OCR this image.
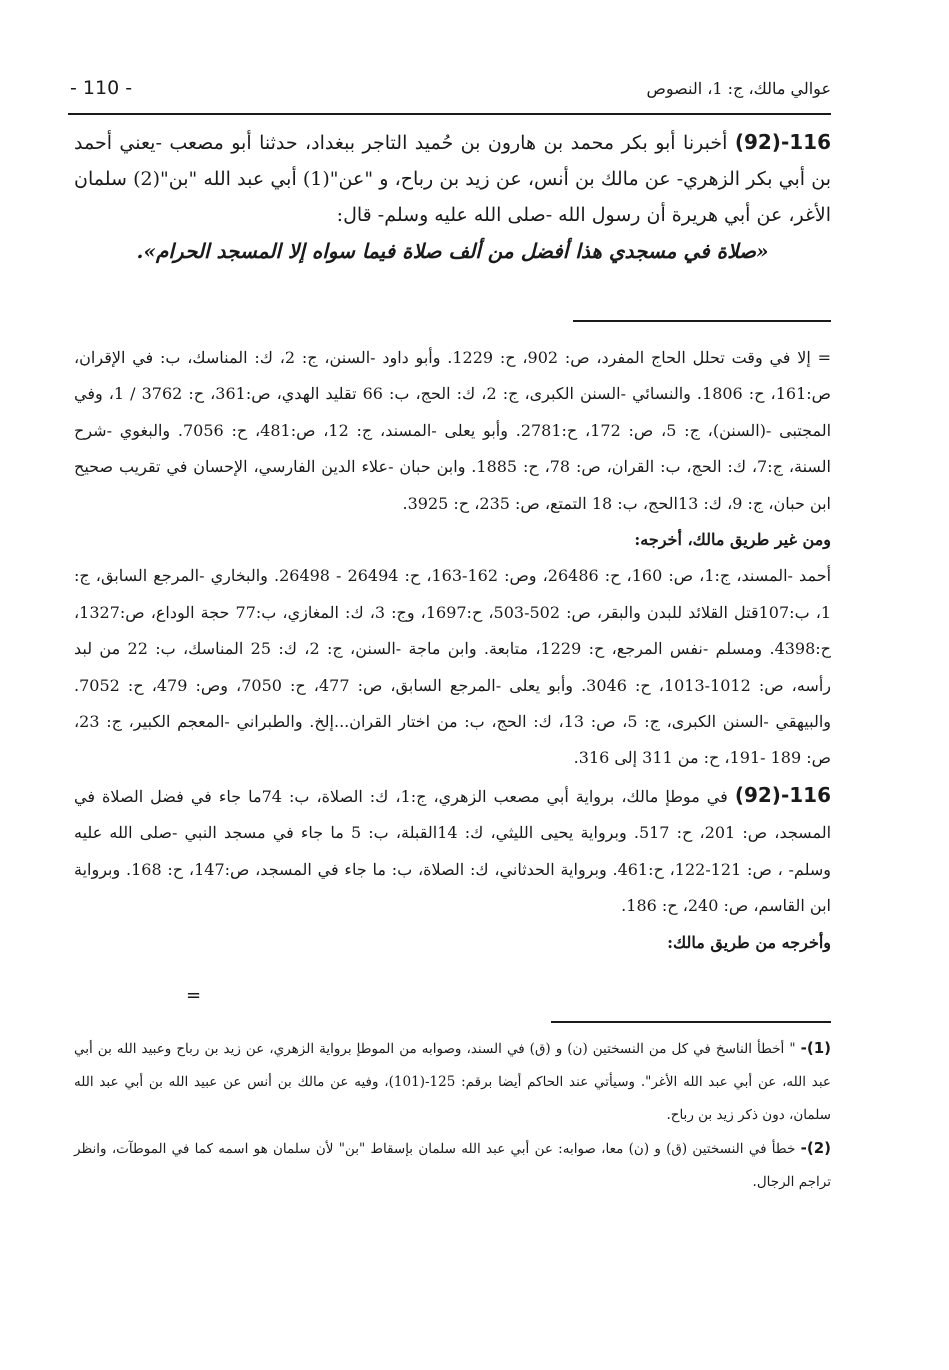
- 110 -	عوالي مالك، ج: 1، النصوص

116-(92) أخبرنا أبو بكر محمد بن هارون بن حُميد التاجر ببغداد، حدثنا أبو مصعب -يعني أحمد بن أبي بكر الزهري- عن مالك بن أنس، عن زيد بن رباح، و "عن"(1) أبي عبد الله "بن"(2) سلمان الأغر، عن أبي هريرة أن رسول الله -صلى الله عليه وسلم- قال:

«صلاة في مسجدي هذا أفضل من ألف صلاة فيما سواه إلا المسجد الحرام».

= إلا في وقت تحلل الحاج المفرد، ص: 902، ح: 1229. وأبو داود -السنن، ج: 2، ك: المناسك، ب: في الإقران، ص:161، ح: 1806. والنسائي -السنن الكبرى، ج: 2، ك: الحج، ب: 66 تقليد الهدي، ص:361، ح: 3762 / 1، وفي المجتبى -(السنن)، ج: 5، ص: 172، ح:2781. وأبو يعلى -المسند، ج: 12، ص:481، ح: 7056. والبغوي -شرح السنة، ج:7، ك: الحج، ب: القران، ص: 78، ح: 1885. وابن حبان -علاء الدين الفارسي، الإحسان في تقريب صحيح ابن حبان، ج: 9، ك: 13الحج، ب: 18 التمتع، ص: 235، ح: 3925.

ومن غير طريق مالك، أخرجه:

أحمد -المسند، ج:1، ص: 160، ح: 26486، وص: 162-163، ح: 26494 - 26498. والبخاري -المرجع السابق، ج: 1، ب:107قتل القلائد للبدن والبقر، ص: 502-503، ح:1697، وج: 3، ك: المغازي، ب:77 حجة الوداع، ص:1327، ح:4398. ومسلم -نفس المرجع، ح: 1229، متابعة. وابن ماجة -السنن، ج: 2، ك: 25 المناسك، ب: 22 من لبد رأسه، ص: 1012-1013، ح: 3046. وأبو يعلى -المرجع السابق، ص: 477، ح: 7050، وص: 479، ح: 7052. والبيهقي -السنن الكبرى، ج: 5، ص: 13، ك: الحج، ب: من اختار القران...إلخ. والطبراني -المعجم الكبير، ج: 23، ص: 189 -191، ح: من 311 إلى 316.

116-(92) في موطإ مالك، برواية أبي مصعب الزهري، ج:1، ك: الصلاة، ب: 74ما جاء في فضل الصلاة في المسجد، ص: 201، ح: 517. وبرواية يحيى الليثي، ك: 14القبلة، ب: 5 ما جاء في مسجد النبي -صلى الله عليه وسلم- ، ص: 121-122، ح:461. وبرواية الحدثاني، ك: الصلاة، ب: ما جاء في المسجد، ص:147، ح: 168. وبرواية ابن القاسم، ص: 240، ح: 186.

وأخرجه من طريق مالك:

=

(1)- " أخطأ الناسخ في كل من النسختين (ن) و (ق) في السند، وصوابه من الموطإ برواية الزهري، عن زيد بن رباح وعبيد الله بن أبي عبد الله، عن أبي عبد الله الأغر". وسيأتي عند الحاكم أيضا برقم: 125-(101)، وفيه عن مالك بن أنس عن عبيد الله بن أبي عبد الله سلمان، دون ذكر زيد بن رباح.

(2)- خطأ في النسختين (ق) و (ن) معا، صوابه: عن أبي عبد الله سلمان بإسقاط "بن" لأن سلمان هو اسمه كما في الموطآت، وانظر تراجم الرجال.
